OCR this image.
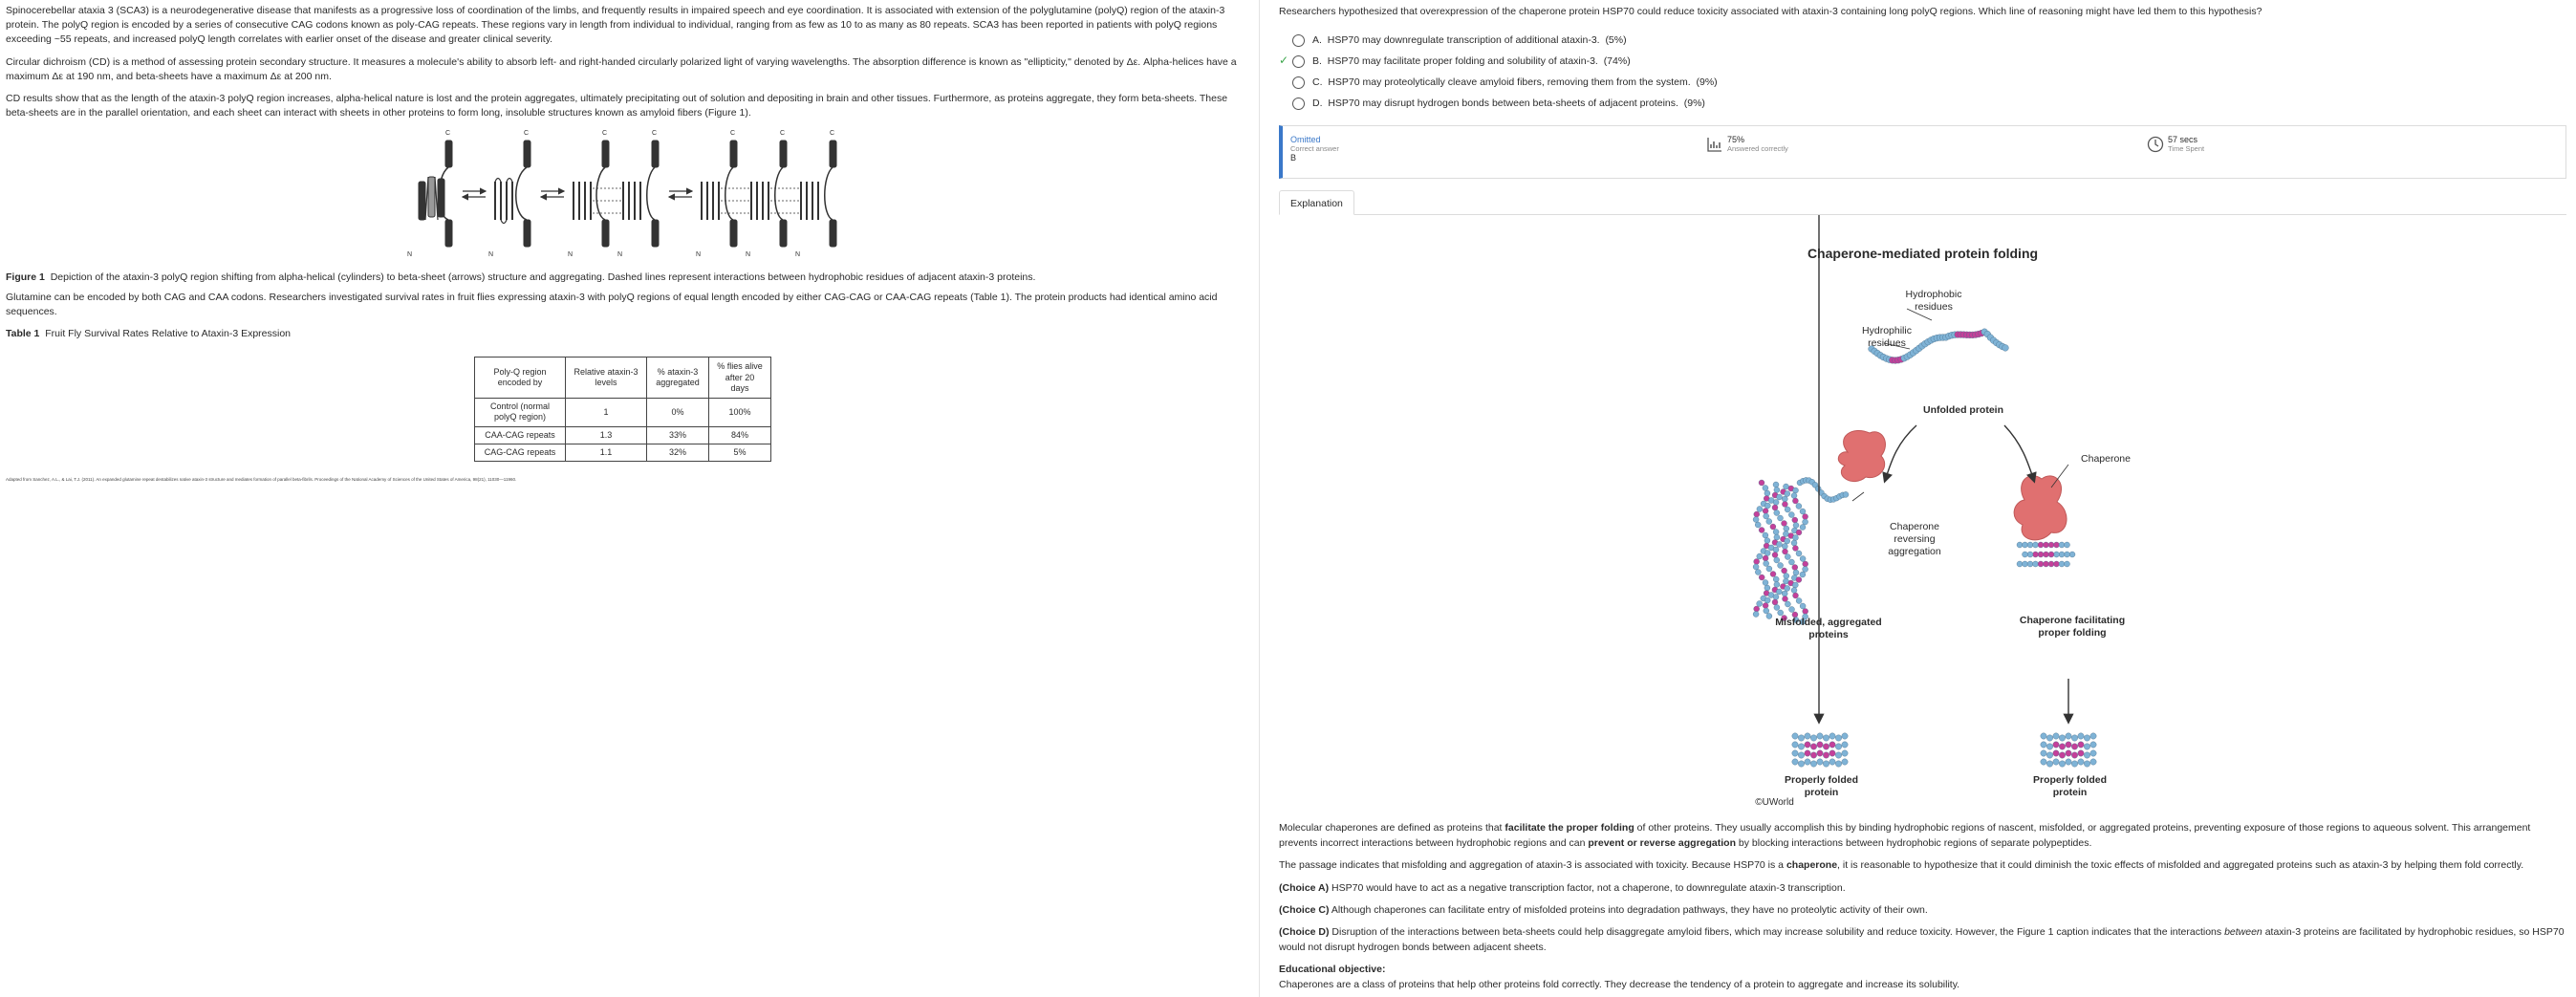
Spinocerebellar ataxia 3 (SCA3) is a neurodegenerative disease that manifests as a progressive loss of coordination of the limbs, and frequently results in impaired speech and eye coordination. It is associated with extension of the polyglutamine (polyQ) region of the ataxin-3 protein. The polyQ region is encoded by a series of consecutive CAG codons known as poly-CAG repeats. These regions vary in length from individual to individual, ranging from as few as 10 to as many as 80 repeats. SCA3 has been reported in patients with polyQ regions exceeding ~55 repeats, and increased polyQ length correlates with earlier onset of the disease and greater clinical severity.

Circular dichroism (CD) is a method of assessing protein secondary structure. It measures a molecule's ability to absorb left- and right-handed circularly polarized light of varying wavelengths. The absorption difference is known as "ellipticity," denoted by Δε. Alpha-helices have a maximum Δε at 190 nm, and beta-sheets have a maximum Δε at 200 nm.

CD results show that as the length of the ataxin-3 polyQ region increases, alpha-helical nature is lost and the protein aggregates, ultimately precipitating out of solution and depositing in brain and other tissues. Furthermore, as proteins aggregate, they form beta-sheets. These beta-sheets are in the parallel orientation, and each sheet can interact with sheets in other proteins to form long, insoluble structures known as amyloid fibers (Figure 1).

C
N
C
N
C	C
N	N
C	C	C
N	N	N

Figure 1 Depiction of the ataxin-3 polyQ region shifting from alpha-helical (cylinders) to beta-sheet (arrows) structure and aggregating. Dashed lines represent interactions between hydrophobic residues of adjacent ataxin-3 proteins.

Glutamine can be encoded by both CAG and CAA codons. Researchers investigated survival rates in fruit flies expressing ataxin-3 with polyQ regions of equal length encoded by either CAG-CAG or CAA-CAG repeats (Table 1). The protein products had identical amino acid sequences.

Table 1 Fruit Fly Survival Rates Relative to Ataxin-3 Expression

Poly-Q region encoded by	Relative ataxin-3 levels	% ataxin-3 aggregated	% flies alive after 20 days
Control (normal polyQ region)	1	0%	100%
CAA-CAG repeats	1.3	33%	84%
CAG-CAG repeats	1.1	32%	5%

Adapted from Sanchez, A.L., & Lai, T.J. (2011). An expanded glutamine repeat destabilizes native ataxin-3 structure and mediates formation of parallel beta-fibrils. Proceedings of the National Academy of Sciences of the United States of America, 98(21), 11030—11960.

Researchers hypothesized that overexpression of the chaperone protein HSP70 could reduce toxicity associated with ataxin-3 containing long polyQ regions. Which line of reasoning might have led them to this hypothesis?

A. HSP70 may downregulate transcription of additional ataxin-3. (5%)
✓ B. HSP70 may facilitate proper folding and solubility of ataxin-3. (74%)
C. HSP70 may proteolytically cleave amyloid fibers, removing them from the system. (9%)
D. HSP70 may disrupt hydrogen bonds between beta-sheets of adjacent proteins. (9%)
Omitted
Correct answer
B
75%
Answered correctly
57 secs
Time Spent
Explanation
Chaperone-mediated protein folding
Hydrophobic residues
Hydrophilic residues
Unfolded protein
Chaperone
Chaperone reversing aggregation
Misfolded, aggregated proteins
Chaperone facilitating proper folding
Properly folded protein
Properly folded protein
©UWorld

Molecular chaperones are defined as proteins that facilitate the proper folding of other proteins. They usually accomplish this by binding hydrophobic regions of nascent, misfolded, or aggregated proteins, preventing exposure of those regions to aqueous solvent. This arrangement prevents incorrect interactions between hydrophobic regions and can prevent or reverse aggregation by blocking interactions between hydrophobic regions of separate polypeptides.

The passage indicates that misfolding and aggregation of ataxin-3 is associated with toxicity. Because HSP70 is a chaperone, it is reasonable to hypothesize that it could diminish the toxic effects of misfolded and aggregated proteins such as ataxin-3 by helping them fold correctly.

(Choice A) HSP70 would have to act as a negative transcription factor, not a chaperone, to downregulate ataxin-3 transcription.

(Choice C) Although chaperones can facilitate entry of misfolded proteins into degradation pathways, they have no proteolytic activity of their own.

(Choice D) Disruption of the interactions between beta-sheets could help disaggregate amyloid fibers, which may increase solubility and reduce toxicity. However, the Figure 1 caption indicates that the interactions between ataxin-3 proteins are facilitated by hydrophobic residues, so HSP70 would not disrupt hydrogen bonds between adjacent sheets.

Educational objective:

Chaperones are a class of proteins that help other proteins fold correctly. They decrease the tendency of a protein to aggregate and increase its solubility.
